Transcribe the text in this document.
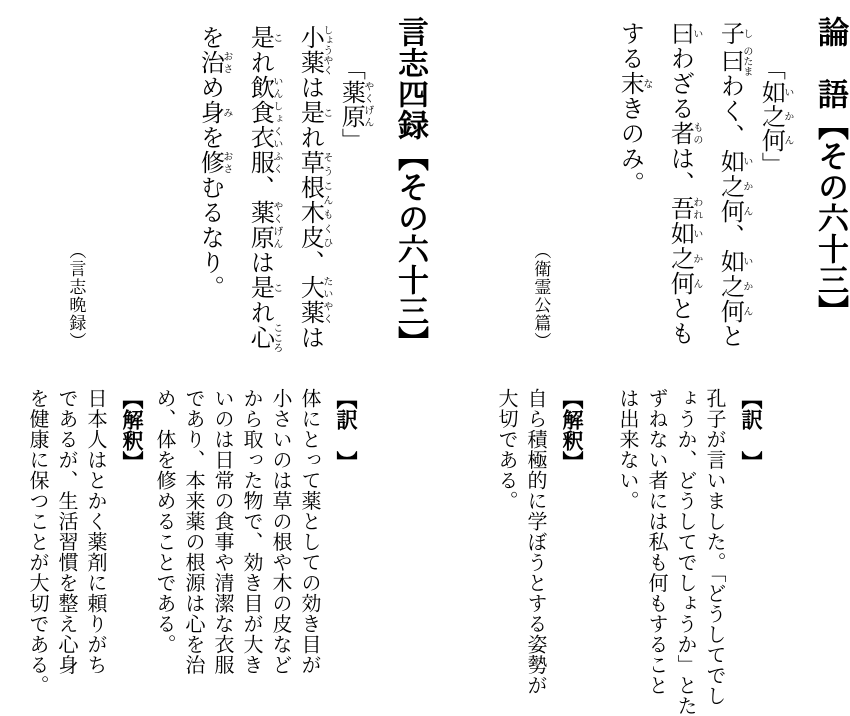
論　語【その六十三】

「如之何いかん」

子し曰のたまわく、如之何いかん、如之何いかんと

曰いわざる者ものは、吾われ如之何いかんとも

する末なきのみ。

（衛霊公篇）

言志四録【その六十三】

「薬原やくげん」

小薬しょうやくは是これ草根木皮そうこんもくひ、大薬たいやくは

是これ飲食衣服いんしょくいふく、薬原やくげんは是これ心こころ

を治おさめ身みを修おさむるなり。

（言志晩録）

【訳　】

孔子が言いました。「どうしてでし

ょうか、どうしてでしょうか」とた

ずねない者には私も何もすること

は出来ない。

【解釈】

自ら積極的に学ぼうとする姿勢が

大切である。

【訳　】

体にとって薬としての効き目が

小さいのは草の根や木の皮など

から取った物で、効き目が大き

いのは日常の食事や清潔な衣服

であり、本来薬の根源は心を治

め、体を修めることである。

【解釈】

日本人はとかく薬剤に頼りがち

であるが、生活習慣を整え心身

を健康に保つことが大切である。
